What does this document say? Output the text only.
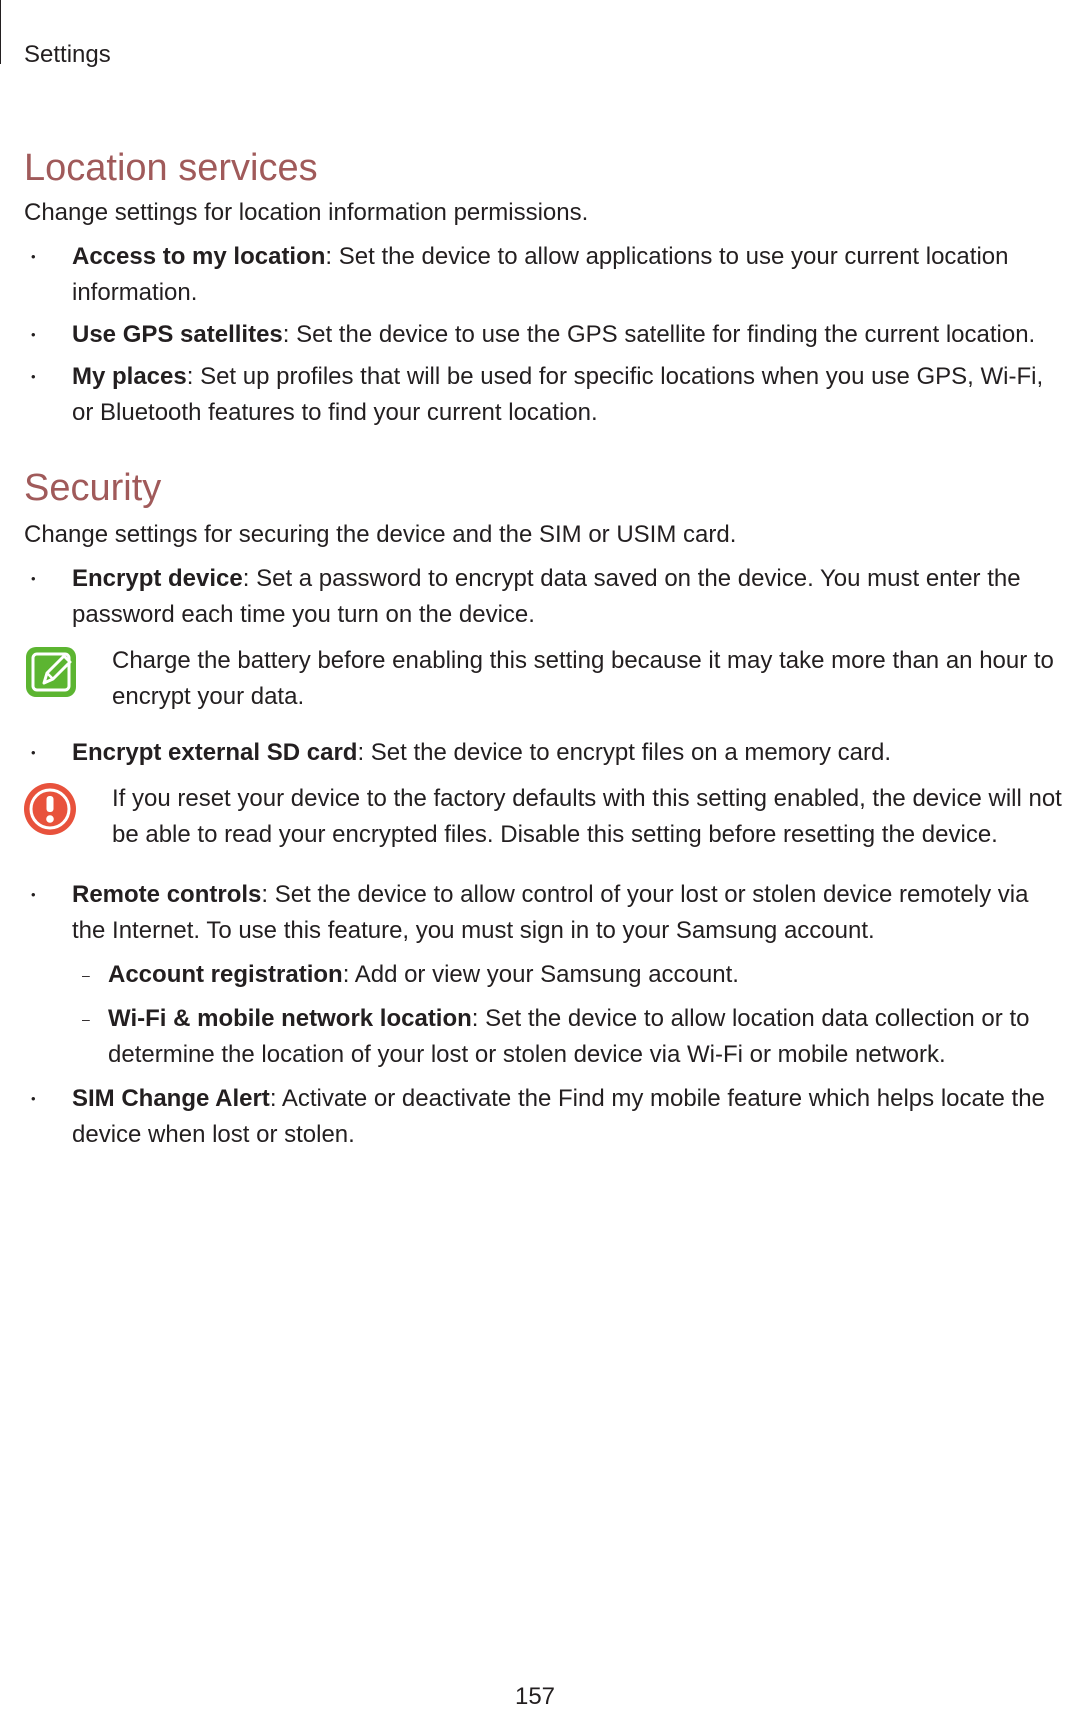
Settings
Location services

Change settings for location information permissions.

• Access to my location: Set the device to allow applications to use your current location information.
• Use GPS satellites: Set the device to use the GPS satellite for finding the current location.
• My places: Set up profiles that will be used for specific locations when you use GPS, Wi-Fi, or Bluetooth features to find your current location.
Security

Change settings for securing the device and the SIM or USIM card.

• Encrypt device: Set a password to encrypt data saved on the device. You must enter the password each time you turn on the device.
Charge the battery before enabling this setting because it may take more than an hour to encrypt your data.
• Encrypt external SD card: Set the device to encrypt files on a memory card.
If you reset your device to the factory defaults with this setting enabled, the device will not be able to read your encrypted files. Disable this setting before resetting the device.
• Remote controls: Set the device to allow control of your lost or stolen device remotely via the Internet. To use this feature, you must sign in to your Samsung account.
– Account registration: Add or view your Samsung account.
– Wi-Fi & mobile network location: Set the device to allow location data collection or to determine the location of your lost or stolen device via Wi-Fi or mobile network.
• SIM Change Alert: Activate or deactivate the Find my mobile feature which helps locate the device when lost or stolen.
157
